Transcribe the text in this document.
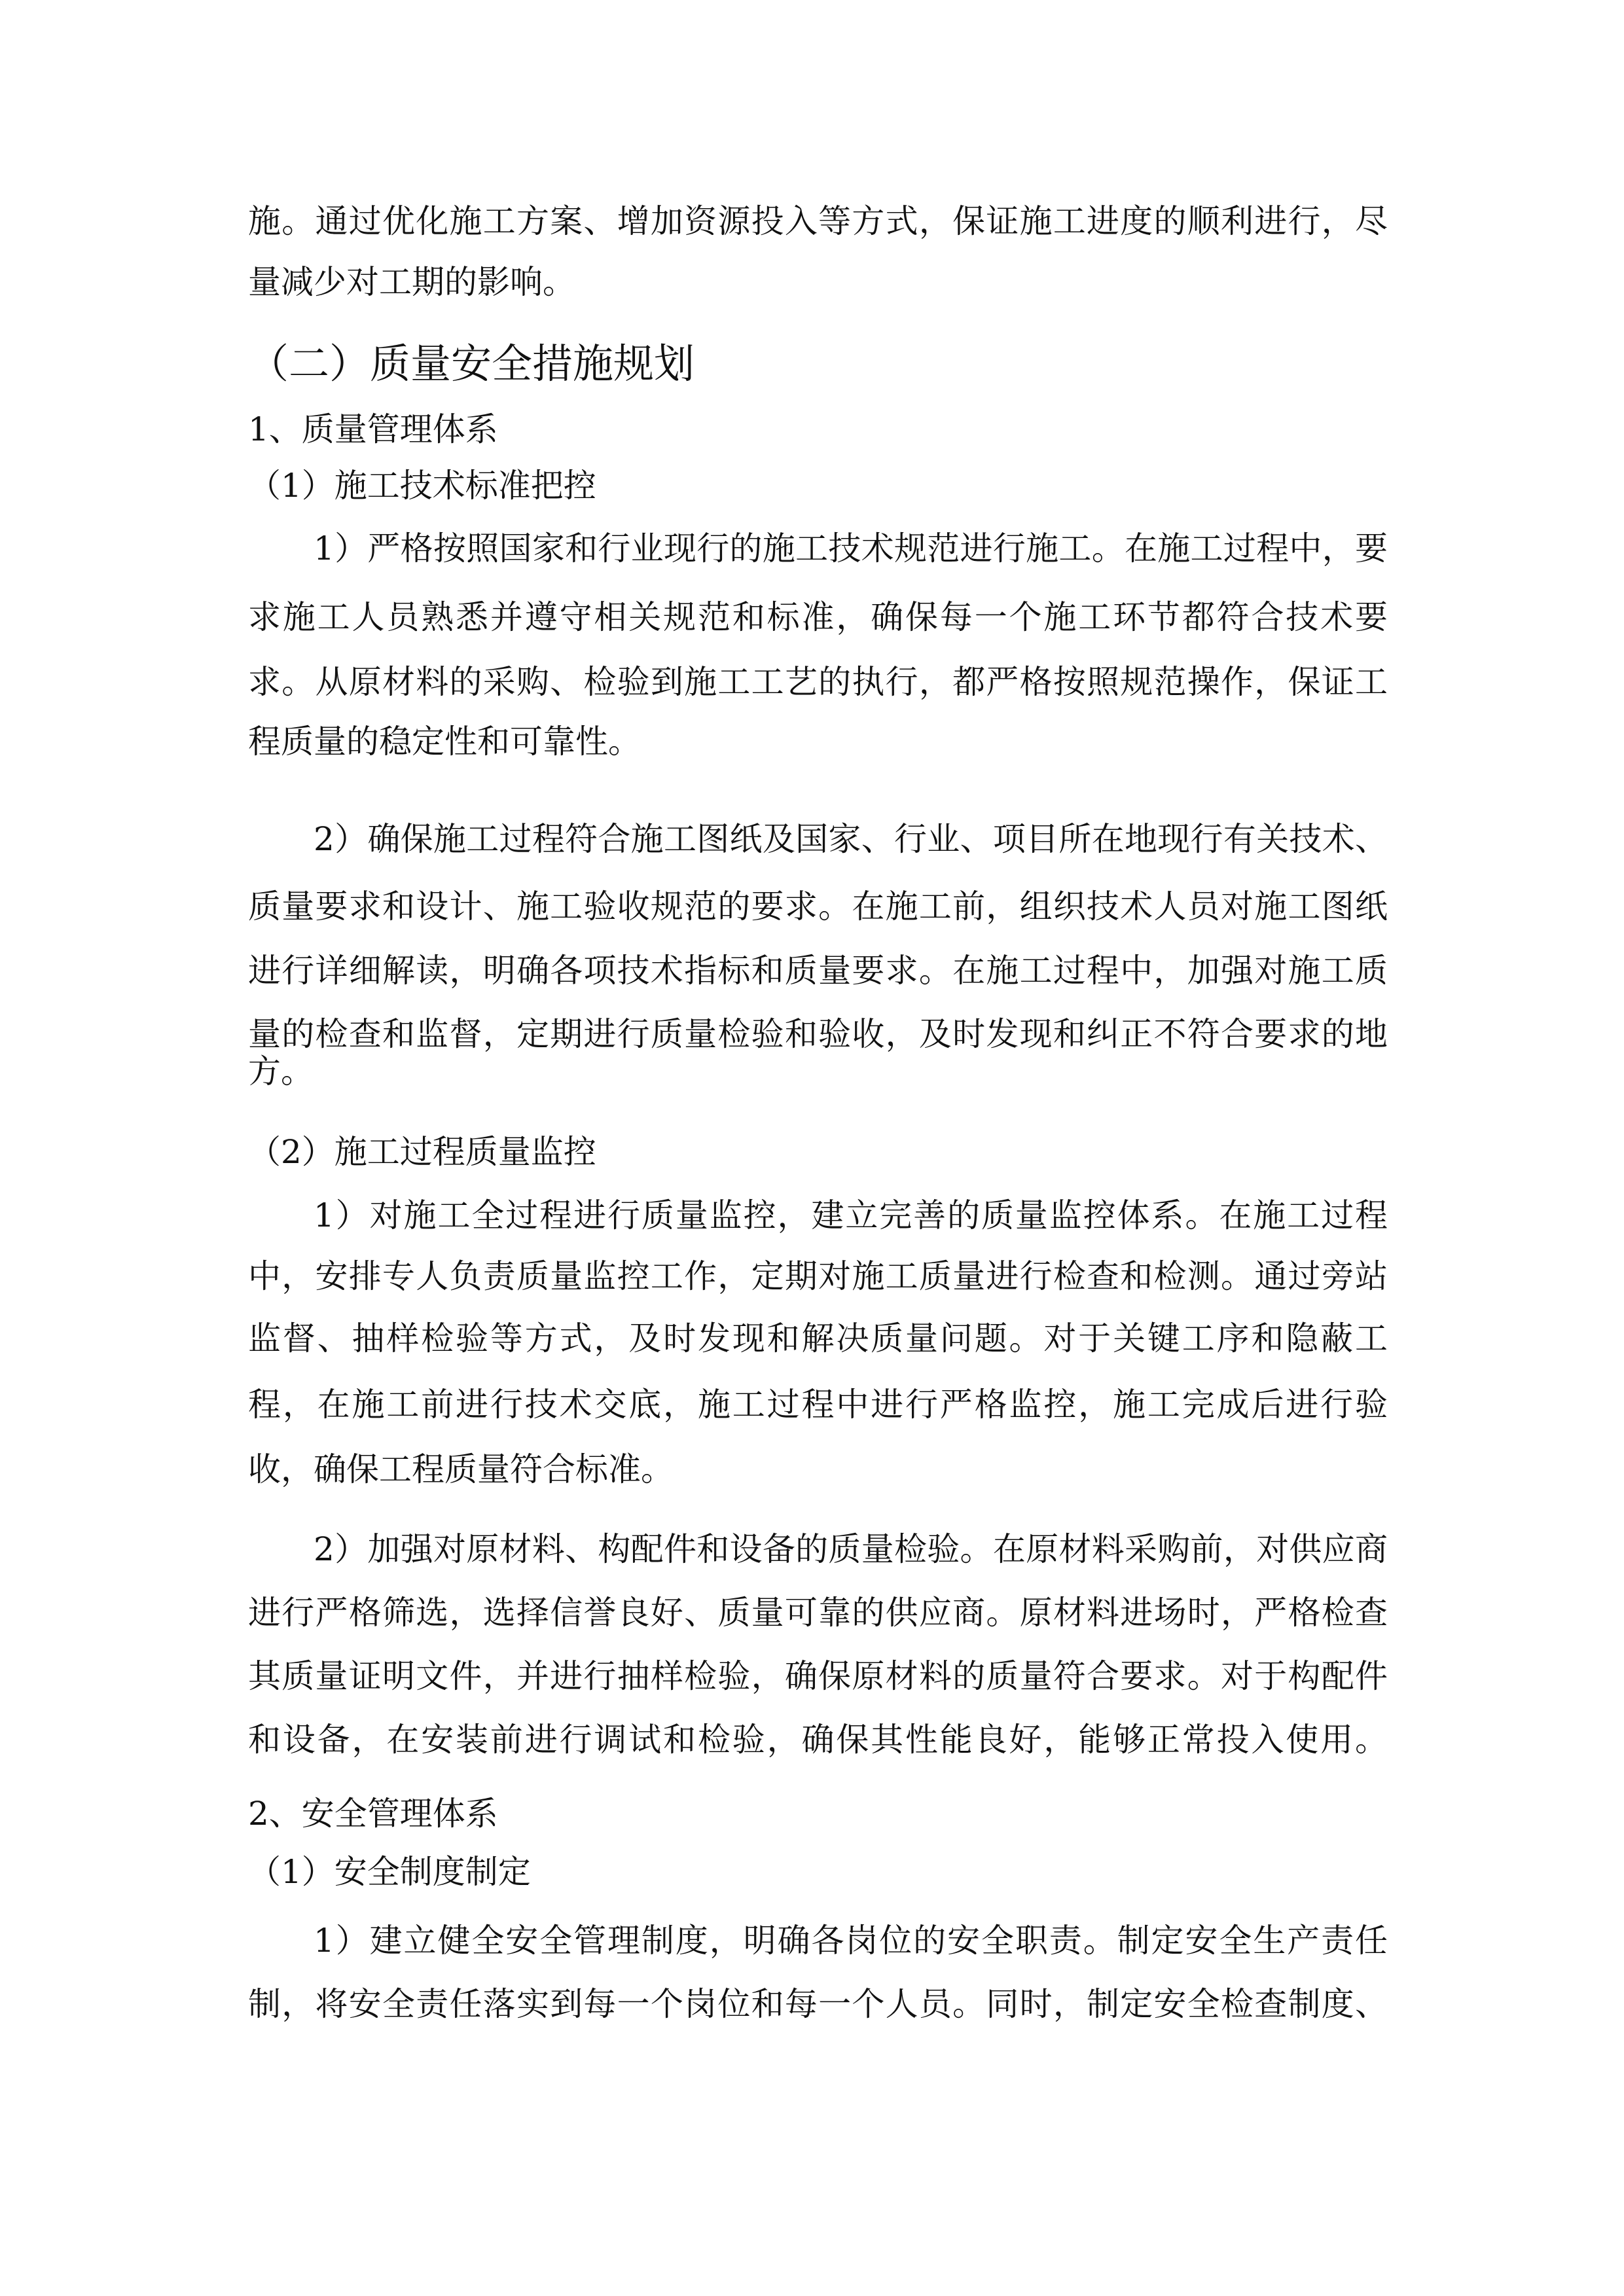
施。通过优化施工方案、增加资源投入等方式，保证施工进度的顺利进行，尽
量减少对工期的影响。
（二）质量安全措施规划
1、质量管理体系
（1）施工技术标准把控
1）严格按照国家和行业现行的施工技术规范进行施工。在施工过程中，要
求施工人员熟悉并遵守相关规范和标准，确保每一个施工环节都符合技术要
求。从原材料的采购、检验到施工工艺的执行，都严格按照规范操作，保证工
程质量的稳定性和可靠性。
2）确保施工过程符合施工图纸及国家、行业、项目所在地现行有关技术、
质量要求和设计、施工验收规范的要求。在施工前，组织技术人员对施工图纸
进行详细解读，明确各项技术指标和质量要求。在施工过程中，加强对施工质
量的检查和监督，定期进行质量检验和验收，及时发现和纠正不符合要求的地
方。
（2）施工过程质量监控
1）对施工全过程进行质量监控，建立完善的质量监控体系。在施工过程
中，安排专人负责质量监控工作，定期对施工质量进行检查和检测。通过旁站
监督、抽样检验等方式，及时发现和解决质量问题。对于关键工序和隐蔽工
程，在施工前进行技术交底，施工过程中进行严格监控，施工完成后进行验
收，确保工程质量符合标准。
2）加强对原材料、构配件和设备的质量检验。在原材料采购前，对供应商
进行严格筛选，选择信誉良好、质量可靠的供应商。原材料进场时，严格检查
其质量证明文件，并进行抽样检验，确保原材料的质量符合要求。对于构配件
和设备，在安装前进行调试和检验，确保其性能良好，能够正常投入使用。
2、安全管理体系
（1）安全制度制定
1）建立健全安全管理制度，明确各岗位的安全职责。制定安全生产责任
制，将安全责任落实到每一个岗位和每一个人员。同时，制定安全检查制度、
